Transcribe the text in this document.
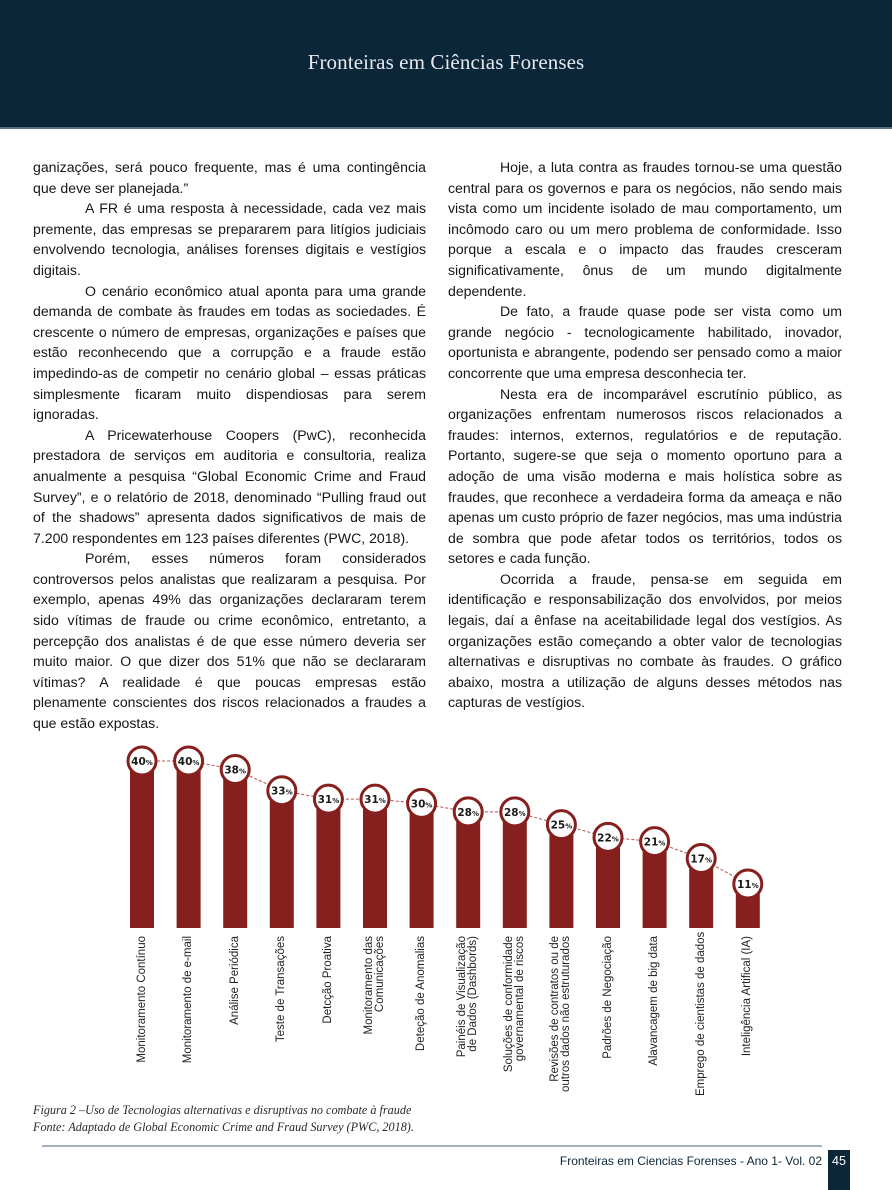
Fronteiras em Ciências Forenses

ganizações, será pouco frequente, mas é uma contingência que deve ser planejada.”

A FR é uma resposta à necessidade, cada vez mais premente, das empresas se prepararem para litígios judiciais envolvendo tecnologia, análises forenses digitais e vestígios digitais.

O cenário econômico atual aponta para uma grande demanda de combate às fraudes em todas as sociedades. É crescente o número de empresas, organizações e países que estão reconhecendo que a corrupção e a fraude estão impedindo-as de competir no cenário global – essas práticas simplesmente ficaram muito dispendiosas para serem ignoradas.

A Pricewaterhouse Coopers (PwC), reconhecida prestadora de serviços em auditoria e consultoria, realiza anualmente a pesquisa “Global Economic Crime and Fraud Survey”, e o relatório de 2018, denominado “Pulling fraud out of the shadows” apresenta dados significativos de mais de 7.200 respondentes em 123 países diferentes (PWC, 2018).

Porém, esses números foram considerados controversos pelos analistas que realizaram a pesquisa. Por exemplo, apenas 49% das organizações declararam terem sido vítimas de fraude ou crime econômico, entretanto, a percepção dos analistas é de que esse número deveria ser muito maior. O que dizer dos 51% que não se declararam vítimas? A realidade é que poucas empresas estão plenamente conscientes dos riscos relacionados a fraudes a que estão expostas.

Hoje, a luta contra as fraudes tornou-se uma questão central para os governos e para os negócios, não sendo mais vista como um incidente isolado de mau comportamento, um incômodo caro ou um mero problema de conformidade. Isso porque a escala e o impacto das fraudes cresceram significativamente, ônus de um mundo digitalmente dependente.

De fato, a fraude quase pode ser vista como um grande negócio - tecnologicamente habilitado, inovador, oportunista e abrangente, podendo ser pensado como a maior concorrente que uma empresa desconhecia ter.

Nesta era de incomparável escrutínio público, as organizações enfrentam numerosos riscos relacionados a fraudes: internos, externos, regulatórios e de reputação. Portanto, sugere-se que seja o momento oportuno para a adoção de uma visão moderna e mais holística sobre as fraudes, que reconhece a verdadeira forma da ameaça e não apenas um custo próprio de fazer negócios, mas uma indústria de sombra que pode afetar todos os territórios, todos os setores e cada função.

Ocorrida a fraude, pensa-se em seguida em identificação e responsabilização dos envolvidos, por meios legais, daí a ênfase na aceitabilidade legal dos vestígios. As organizações estão começando a obter valor de tecnologias alternativas e disruptivas no combate às fraudes. O gráfico abaixo, mostra a utilização de alguns desses métodos nas capturas de vestígios.

40% 40%
38%
33%
31% 31% 30%
28% 28%
25%
22% 21%
17%
11%
Monitoramento Contínuo	Monitoramento de e-mail	Análise Periódica	Teste de Transações	Detcção Proativa	Monitoramento das Comunicações	Deteção de Anomalias	Painéis de Visualização de Dados (Dashbords) Soluções de conformidade governamental de riscos Revisões de contratos ou de outros dados não estruturados	Padrões de Negociação	Alavancagem de big data	Emprego de cientistas de dados	Inteligência Artifical (IA)
Figura 2 –Uso de Tecnologias alternativas e disruptivas no combate à fraude
Fonte: Adaptado de Global Economic Crime and Fraud Survey (PWC, 2018).
Fronteiras em Ciencias Forenses - Ano 1- Vol. 02 45
